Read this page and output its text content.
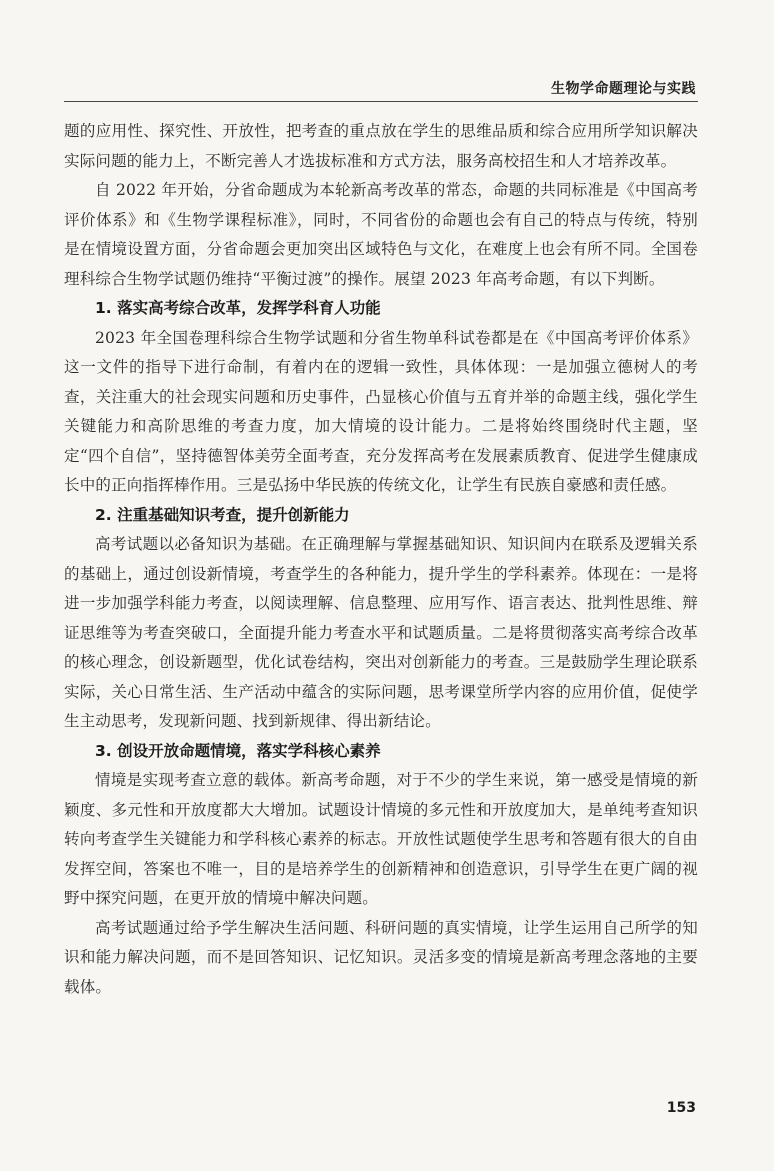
生物学命题理论与实践

题的应用性、探究性、开放性，把考查的重点放在学生的思维品质和综合应用所学知识解决实际问题的能力上，不断完善人才选拔标准和方式方法，服务高校招生和人才培养改革。

自 2022 年开始，分省命题成为本轮新高考改革的常态，命题的共同标准是《中国高考评价体系》和《生物学课程标准》，同时，不同省份的命题也会有自己的特点与传统，特别是在情境设置方面，分省命题会更加突出区域特色与文化，在难度上也会有所不同。全国卷理科综合生物学试题仍维持“平衡过渡”的操作。展望 2023 年高考命题，有以下判断。

1. 落实高考综合改革，发挥学科育人功能

2023 年全国卷理科综合生物学试题和分省生物单科试卷都是在《中国高考评价体系》这一文件的指导下进行命制，有着内在的逻辑一致性，具体体现：一是加强立德树人的考查，关注重大的社会现实问题和历史事件，凸显核心价值与五育并举的命题主线，强化学生关键能力和高阶思维的考查力度，加大情境的设计能力。二是将始终围绕时代主题，坚定“四个自信”，坚持德智体美劳全面考查，充分发挥高考在发展素质教育、促进学生健康成长中的正向指挥棒作用。三是弘扬中华民族的传统文化，让学生有民族自豪感和责任感。

2. 注重基础知识考查，提升创新能力

高考试题以必备知识为基础。在正确理解与掌握基础知识、知识间内在联系及逻辑关系的基础上，通过创设新情境，考查学生的各种能力，提升学生的学科素养。体现在：一是将进一步加强学科能力考查，以阅读理解、信息整理、应用写作、语言表达、批判性思维、辩证思维等为考查突破口，全面提升能力考查水平和试题质量。二是将贯彻落实高考综合改革的核心理念，创设新题型，优化试卷结构，突出对创新能力的考查。三是鼓励学生理论联系实际，关心日常生活、生产活动中蕴含的实际问题，思考课堂所学内容的应用价值，促使学生主动思考，发现新问题、找到新规律、得出新结论。

3. 创设开放命题情境，落实学科核心素养

情境是实现考查立意的载体。新高考命题，对于不少的学生来说，第一感受是情境的新颖度、多元性和开放度都大大增加。试题设计情境的多元性和开放度加大，是单纯考查知识转向考查学生关键能力和学科核心素养的标志。开放性试题使学生思考和答题有很大的自由发挥空间，答案也不唯一，目的是培养学生的创新精神和创造意识，引导学生在更广阔的视野中探究问题，在更开放的情境中解决问题。

高考试题通过给予学生解决生活问题、科研问题的真实情境，让学生运用自己所学的知识和能力解决问题，而不是回答知识、记忆知识。灵活多变的情境是新高考理念落地的主要载体。

153
